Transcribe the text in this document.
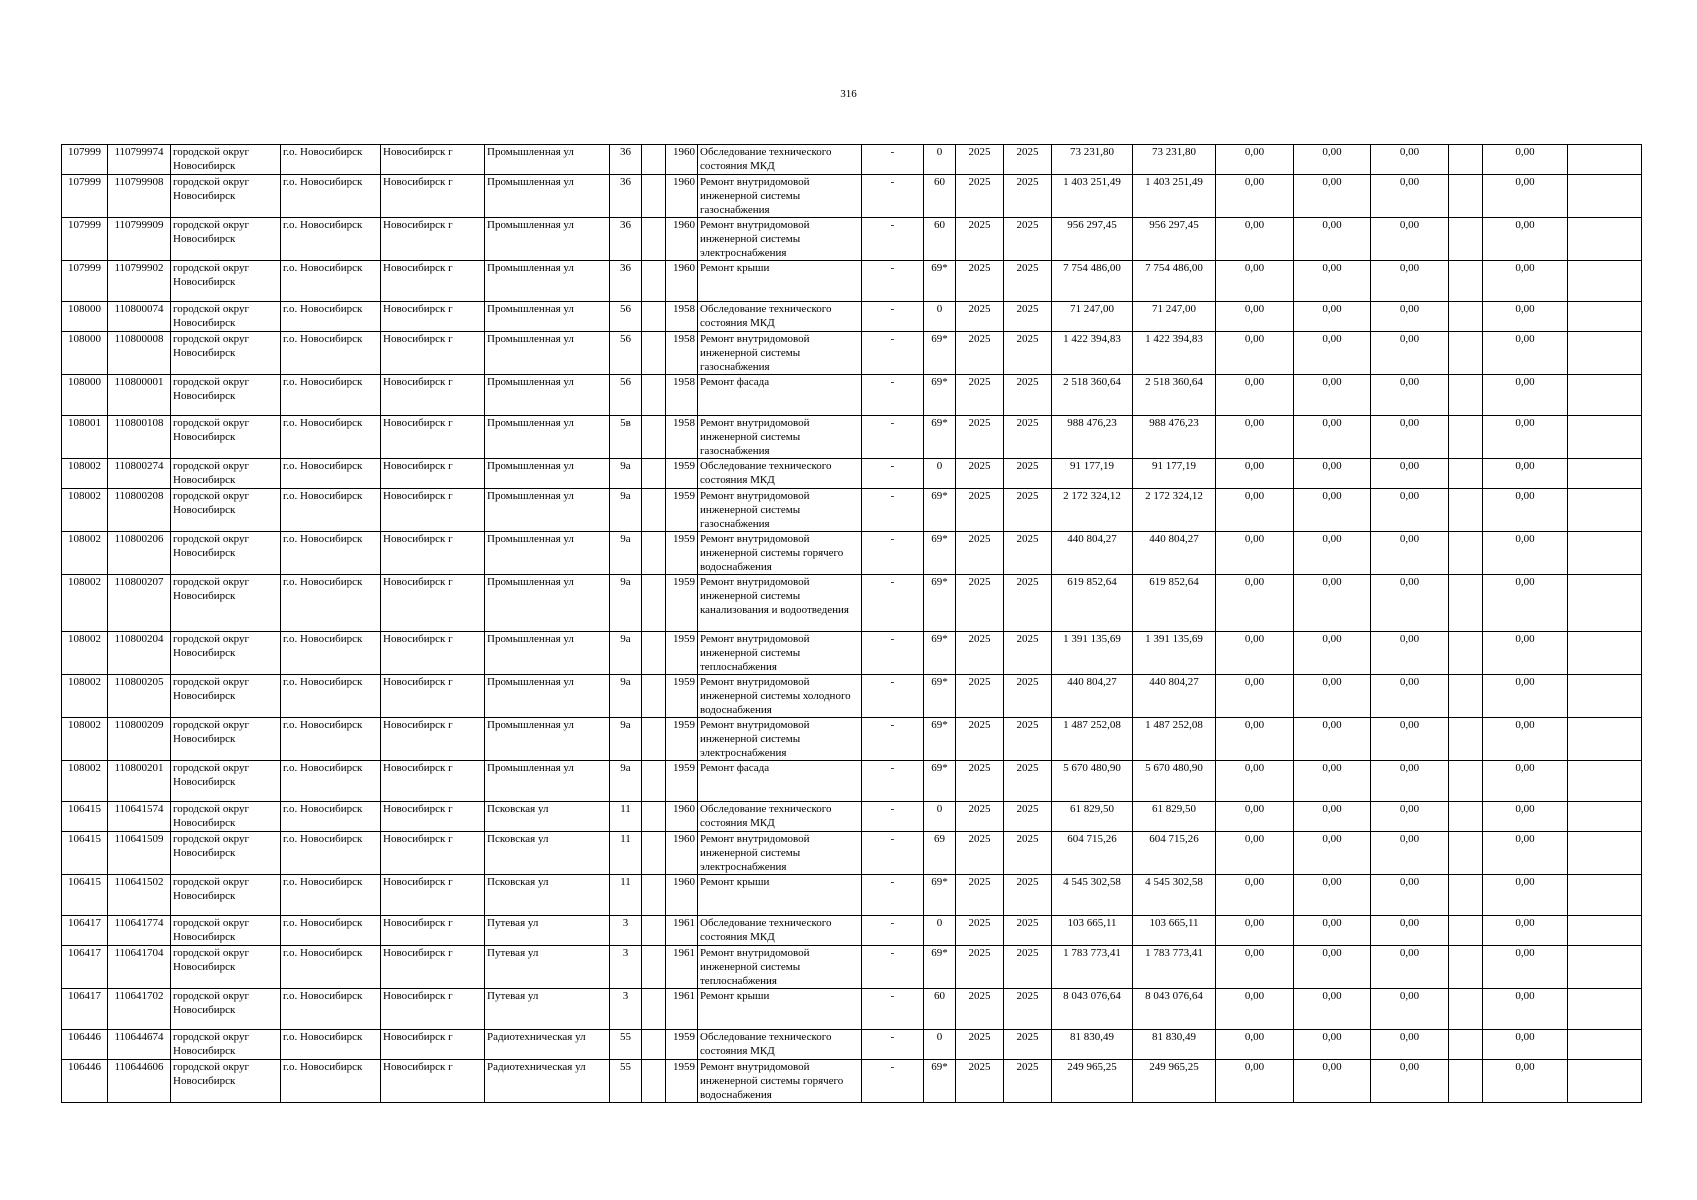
316
107999	110799974	городской округ Новосибирск	г.о. Новосибирск	Новосибирск г	Промышленная ул	36		1960	Обследование технического состояния МКД	-	0	2025	2025	73 231,80	73 231,80	0,00	0,00	0,00		0,00	
107999	110799908	городской округ Новосибирск	г.о. Новосибирск	Новосибирск г	Промышленная ул	36		1960	Ремонт внутридомовой инженерной системы газоснабжения	-	60	2025	2025	1 403 251,49	1 403 251,49	0,00	0,00	0,00		0,00	
107999	110799909	городской округ Новосибирск	г.о. Новосибирск	Новосибирск г	Промышленная ул	36		1960	Ремонт внутридомовой инженерной системы электроснабжения	-	60	2025	2025	956 297,45	956 297,45	0,00	0,00	0,00		0,00	
107999	110799902	городской округ Новосибирск	г.о. Новосибирск	Новосибирск г	Промышленная ул	36		1960	Ремонт крыши	-	69*	2025	2025	7 754 486,00	7 754 486,00	0,00	0,00	0,00		0,00	
108000	110800074	городской округ Новосибирск	г.о. Новосибирск	Новосибирск г	Промышленная ул	56		1958	Обследование технического состояния МКД	-	0	2025	2025	71 247,00	71 247,00	0,00	0,00	0,00		0,00	
108000	110800008	городской округ Новосибирск	г.о. Новосибирск	Новосибирск г	Промышленная ул	56		1958	Ремонт внутридомовой инженерной системы газоснабжения	-	69*	2025	2025	1 422 394,83	1 422 394,83	0,00	0,00	0,00		0,00	
108000	110800001	городской округ Новосибирск	г.о. Новосибирск	Новосибирск г	Промышленная ул	56		1958	Ремонт фасада	-	69*	2025	2025	2 518 360,64	2 518 360,64	0,00	0,00	0,00		0,00	
108001	110800108	городской округ Новосибирск	г.о. Новосибирск	Новосибирск г	Промышленная ул	5в		1958	Ремонт внутридомовой инженерной системы газоснабжения	-	69*	2025	2025	988 476,23	988 476,23	0,00	0,00	0,00		0,00	
108002	110800274	городской округ Новосибирск	г.о. Новосибирск	Новосибирск г	Промышленная ул	9а		1959	Обследование технического состояния МКД	-	0	2025	2025	91 177,19	91 177,19	0,00	0,00	0,00		0,00	
108002	110800208	городской округ Новосибирск	г.о. Новосибирск	Новосибирск г	Промышленная ул	9а		1959	Ремонт внутридомовой инженерной системы газоснабжения	-	69*	2025	2025	2 172 324,12	2 172 324,12	0,00	0,00	0,00		0,00	
108002	110800206	городской округ Новосибирск	г.о. Новосибирск	Новосибирск г	Промышленная ул	9а		1959	Ремонт внутридомовой инженерной системы горячего водоснабжения	-	69*	2025	2025	440 804,27	440 804,27	0,00	0,00	0,00		0,00	
108002	110800207	городской округ Новосибирск	г.о. Новосибирск	Новосибирск г	Промышленная ул	9а		1959	Ремонт внутридомовой инженерной системы канализования и водоотведения	-	69*	2025	2025	619 852,64	619 852,64	0,00	0,00	0,00		0,00	
108002	110800204	городской округ Новосибирск	г.о. Новосибирск	Новосибирск г	Промышленная ул	9а		1959	Ремонт внутридомовой инженерной системы теплоснабжения	-	69*	2025	2025	1 391 135,69	1 391 135,69	0,00	0,00	0,00		0,00	
108002	110800205	городской округ Новосибирск	г.о. Новосибирск	Новосибирск г	Промышленная ул	9а		1959	Ремонт внутридомовой инженерной системы холодного водоснабжения	-	69*	2025	2025	440 804,27	440 804,27	0,00	0,00	0,00		0,00	
108002	110800209	городской округ Новосибирск	г.о. Новосибирск	Новосибирск г	Промышленная ул	9а		1959	Ремонт внутридомовой инженерной системы электроснабжения	-	69*	2025	2025	1 487 252,08	1 487 252,08	0,00	0,00	0,00		0,00	
108002	110800201	городской округ Новосибирск	г.о. Новосибирск	Новосибирск г	Промышленная ул	9а		1959	Ремонт фасада	-	69*	2025	2025	5 670 480,90	5 670 480,90	0,00	0,00	0,00		0,00	
106415	110641574	городской округ Новосибирск	г.о. Новосибирск	Новосибирск г	Псковская ул	11		1960	Обследование технического состояния МКД	-	0	2025	2025	61 829,50	61 829,50	0,00	0,00	0,00		0,00	
106415	110641509	городской округ Новосибирск	г.о. Новосибирск	Новосибирск г	Псковская ул	11		1960	Ремонт внутридомовой инженерной системы электроснабжения	-	69	2025	2025	604 715,26	604 715,26	0,00	0,00	0,00		0,00	
106415	110641502	городской округ Новосибирск	г.о. Новосибирск	Новосибирск г	Псковская ул	11		1960	Ремонт крыши	-	69*	2025	2025	4 545 302,58	4 545 302,58	0,00	0,00	0,00		0,00	
106417	110641774	городской округ Новосибирск	г.о. Новосибирск	Новосибирск г	Путевая ул	3		1961	Обследование технического состояния МКД	-	0	2025	2025	103 665,11	103 665,11	0,00	0,00	0,00		0,00	
106417	110641704	городской округ Новосибирск	г.о. Новосибирск	Новосибирск г	Путевая ул	3		1961	Ремонт внутридомовой инженерной системы теплоснабжения	-	69*	2025	2025	1 783 773,41	1 783 773,41	0,00	0,00	0,00		0,00	
106417	110641702	городской округ Новосибирск	г.о. Новосибирск	Новосибирск г	Путевая ул	3		1961	Ремонт крыши	-	60	2025	2025	8 043 076,64	8 043 076,64	0,00	0,00	0,00		0,00	
106446	110644674	городской округ Новосибирск	г.о. Новосибирск	Новосибирск г	Радиотехническая ул	55		1959	Обследование технического состояния МКД	-	0	2025	2025	81 830,49	81 830,49	0,00	0,00	0,00		0,00	
106446	110644606	городской округ Новосибирск	г.о. Новосибирск	Новосибирск г	Радиотехническая ул	55		1959	Ремонт внутридомовой инженерной системы горячего водоснабжения	-	69*	2025	2025	249 965,25	249 965,25	0,00	0,00	0,00		0,00	
